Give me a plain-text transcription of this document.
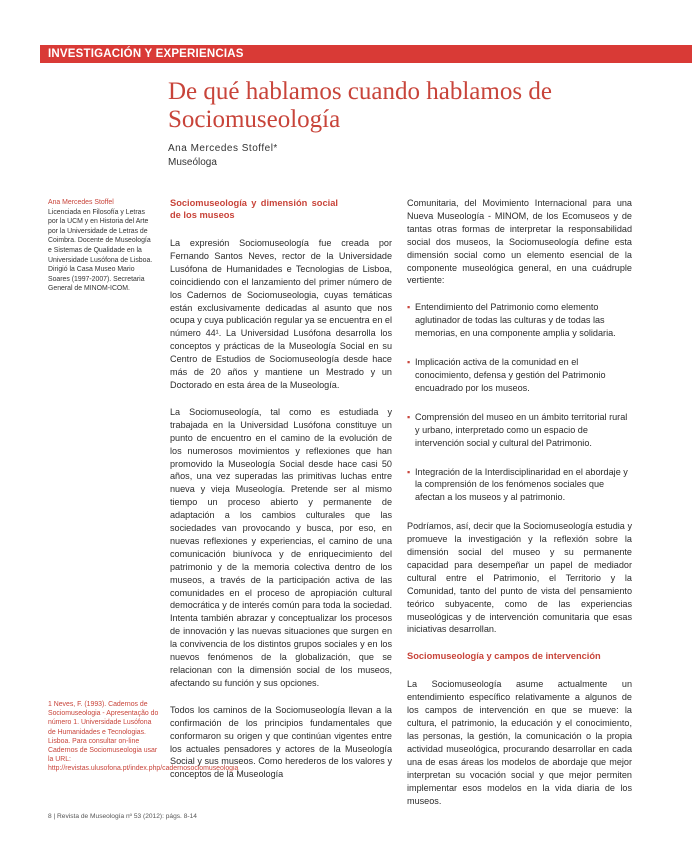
INVESTIGACIÓN Y EXPERIENCIAS
De qué hablamos cuando hablamos de Sociomuseología
Ana Mercedes Stoffel*
Museóloga
Ana Mercedes Stoffel
Licenciada en Filosofía y Letras por la UCM y en Historia del Arte por la Universidade de Letras de Coimbra. Docente de Museología e Sistemas de Qualidade en la Universidade Lusófona de Lisboa. Dirigió la Casa Museo Mario Soares (1997-2007). Secretaria General de MINOM-ICOM.
1 Neves, F. (1993). Cadernos de Sociomuseologia - Apresentação do número 1. Universidade Lusófona de Humanidades e Tecnologias. Lisboa. Para consultar on-line Cadernos de Sociomuseologia usar la URL: http://revistas.ulusofona.pt/index.php/cadernosociomuseologia
Sociomuseología y dimensión social de los museos

La expresión Sociomuseología fue creada por Fernando Santos Neves, rector de la Universidade Lusófona de Humanidades e Tecnologias de Lisboa, coincidiendo con el lanzamiento del primer número de los Cadernos de Sociomuseologia, cuyas temáticas están exclusivamente dedicadas al asunto que nos ocupa y cuya publicación regular ya se encuentra en el número 44¹. La Universidad Lusófona desarrolla los conceptos y prácticas de la Museología Social en su Centro de Estudios de Sociomuseología desde hace más de 20 años y mantiene un Mestrado y un Doctorado en esta área de la Museología.

La Sociomuseología, tal como es estudiada y trabajada en la Universidad Lusófona constituye un punto de encuentro en el camino de la evolución de los numerosos movimientos y reflexiones que han promovido la Museología Social desde hace casi 50 años, una vez superadas las primitivas luchas entre nueva y vieja Museología. Pretende ser al mismo tiempo un proceso abierto y permanente de adaptación a los cambios culturales que las sociedades van provocando y busca, por eso, en nuevas reflexiones y experiencias, el camino de una comunicación biunívoca y de enriquecimiento del patrimonio y de la memoria colectiva dentro de los museos, a través de la participación activa de las comunidades en el proceso de apropiación cultural democrática y de interés común para toda la sociedad. Intenta también abrazar y conceptualizar los procesos de innovación y las nuevas situaciones que surgen en la convivencia de los distintos grupos sociales y en los nuevos fenómenos de la globalización, que se relacionan con la dimensión social de los museos, afectando su función y sus opciones.

Todos los caminos de la Sociomuseología llevan a la confirmación de los principios fundamentales que conformaron su origen y que continúan vigentes entre los actuales pensadores y actores de la Museología Social y sus museos. Como herederos de los valores y conceptos de la Museología

Comunitaria, del Movimiento Internacional para una Nueva Museología - MINOM, de los Ecomuseos y de tantas otras formas de interpretar la responsabilidad social dos museos, la Sociomuseología define esta dimensión social como un elemento esencial de la componente museológica general, en una cuádruple vertiente:

▪ Entendimiento del Patrimonio como elemento aglutinador de todas las culturas y de todas las memorias, en una componente amplia y solidaria.
▪ Implicación activa de la comunidad en el conocimiento, defensa y gestión del Patrimonio encuadrado por los museos.
▪ Comprensión del museo en un ámbito territorial rural y urbano, interpretado como un espacio de intervención social y cultural del Patrimonio.
▪ Integración de la Interdisciplinaridad en el abordaje y la comprensión de los fenómenos sociales que afectan a los museos y al patrimonio.

Podríamos, así, decir que la Sociomuseología estudia y promueve la investigación y la reflexión sobre la dimensión social del museo y su permanente capacidad para desempeñar un papel de mediador cultural entre el Patrimonio, el Territorio y la Comunidad, tanto del punto de vista del pensamiento teórico subyacente, como de las experiencias museológicas y de intervención comunitaria que esas iniciativas desarrollan.

Sociomuseología y campos de intervención

La Sociomuseología asume actualmente un entendimiento específico relativamente a algunos de los campos de intervención en que se mueve: la cultura, el patrimonio, la educación y el conocimiento, las personas, la gestión, la comunicación o la propia actividad museológica, procurando desarrollar en cada una de esas áreas los modelos de abordaje que mejor interpretan su vocación social y que mejor permiten implementar esos modelos en la vida diaria de los museos.

8 | Revista de Museología nº 53 (2012): págs. 8-14
